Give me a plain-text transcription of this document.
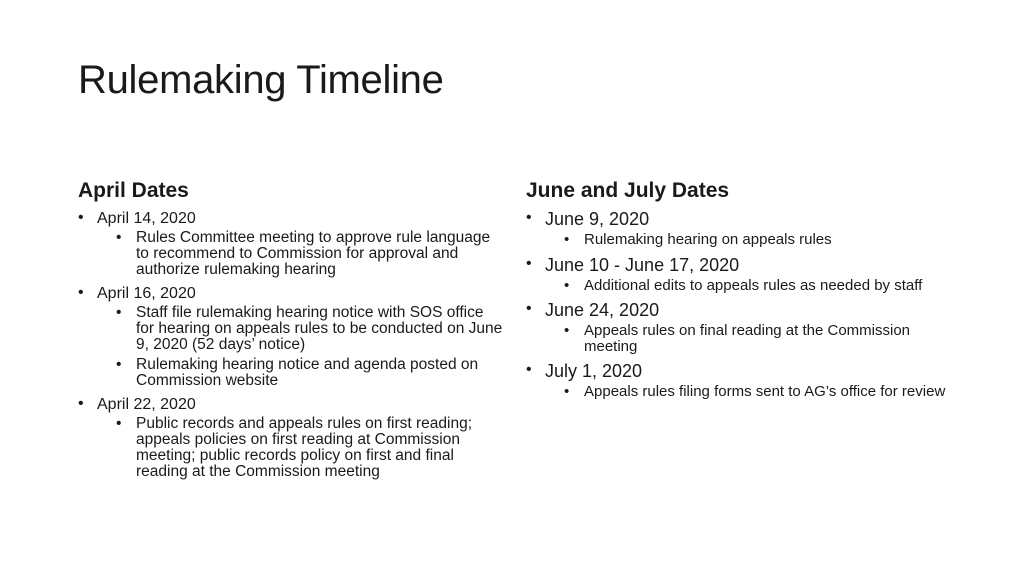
Rulemaking Timeline
April Dates
• April 14, 2020
• Rules Committee meeting to approve rule language to recommend to Commission for approval and authorize rulemaking hearing
• April 16, 2020
• Staff file rulemaking hearing notice with SOS office for hearing on appeals rules to be conducted on June 9, 2020 (52 days’ notice)
• Rulemaking hearing notice and agenda posted on Commission website
• April 22, 2020
• Public records and appeals rules on first reading; appeals policies on first reading at Commission meeting; public records policy on first and final reading at the Commission meeting
June and July Dates
• June 9, 2020
• Rulemaking hearing on appeals rules
• June 10 - June 17, 2020
• Additional edits to appeals rules as needed by staff
• June 24, 2020
• Appeals rules on final reading at the Commission meeting
• July 1, 2020
• Appeals rules filing forms sent to AG’s office for review
